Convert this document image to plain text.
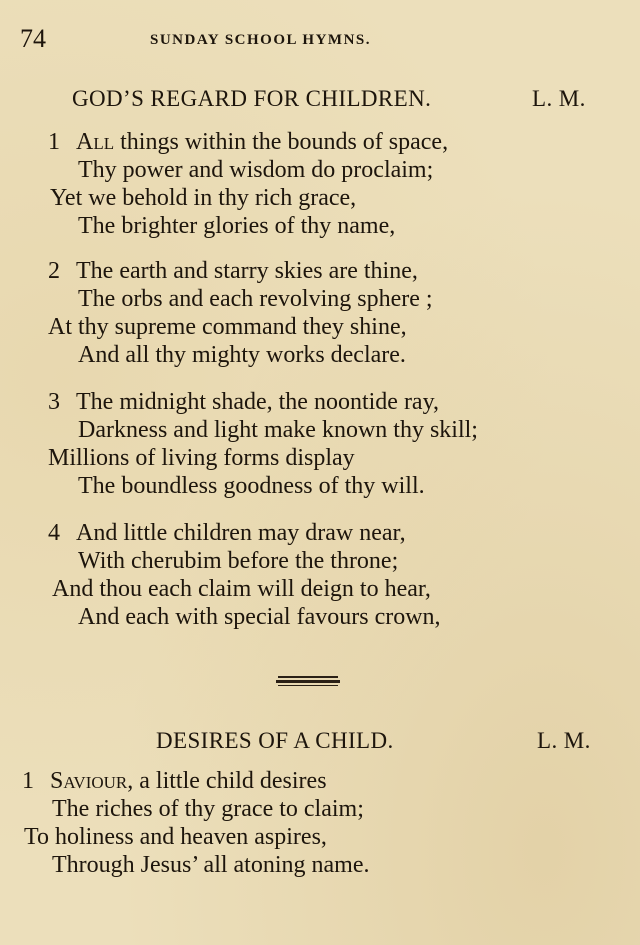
74	SUNDAY SCHOOL HYMNS.
GOD’S REGARD FOR CHILDREN.	L. M.
1 All things within the bounds of space,
Thy power and wisdom do proclaim;
Yet we behold in thy rich grace,
The brighter glories of thy name,
2 The earth and starry skies are thine,
The orbs and each revolving sphere ;
At thy supreme command they shine,
And all thy mighty works declare.
3 The midnight shade, the noontide ray,
Darkness and light make known thy skill;
Millions of living forms display
The boundless goodness of thy will.
4 And little children may draw near,
With cherubim before the throne;
And thou each claim will deign to hear,
And each with special favours crown,
DESIRES OF A CHILD.	L. M.
1 Saviour, a little child desires
The riches of thy grace to claim;
To holiness and heaven aspires,
Through Jesus’ all atoning name.
